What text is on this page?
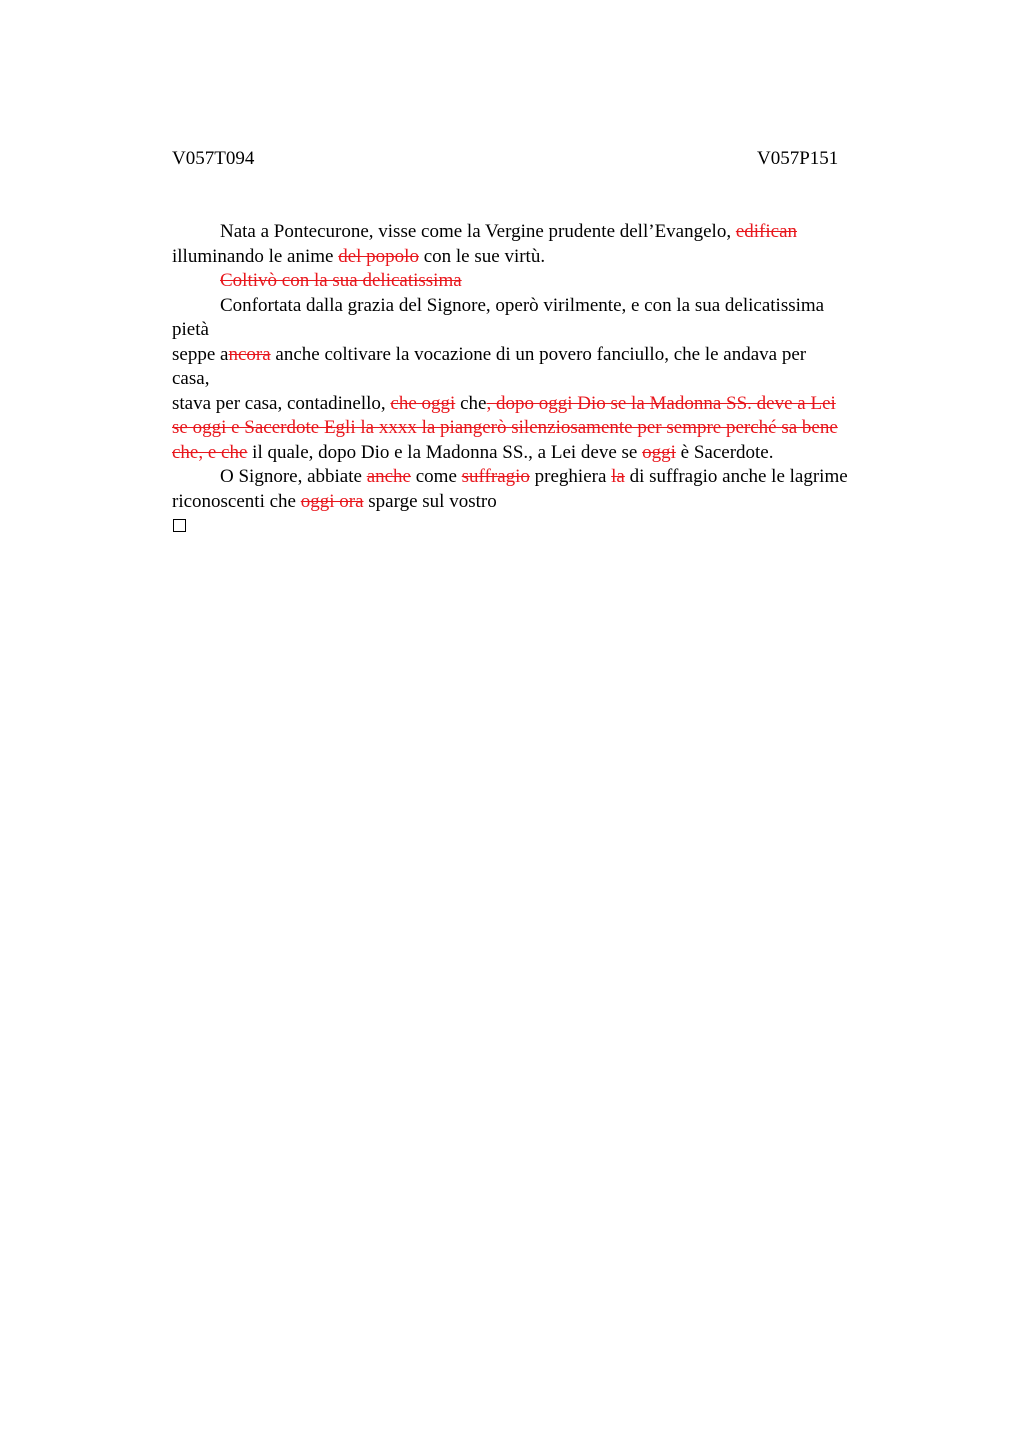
V057T094	V057P151
Nata a Pontecurone, visse come la Vergine prudente dell’Evangelo, edifican
illuminando le anime del popolo con le sue virtù.
Coltivò con la sua delicatissima
Confortata dalla grazia del Signore, operò virilmente, e con la sua delicatissima
pietà
seppe ancora anche coltivare la vocazione di un povero fanciullo, che le andava per
casa,
stava per casa, contadinello, che oggi che, dopo oggi Dio se la Madonna SS. deve a Lei
se oggi e Sacerdote Egli la xxxx la piangerò silenziosamente per sempre perché sa bene
che, e che il quale, dopo Dio e la Madonna SS., a Lei deve se oggi è Sacerdote.
O Signore, abbiate anche come suffragio preghiera la di suffragio anche le lagrime
riconoscenti che oggi ora sparge sul vostro
